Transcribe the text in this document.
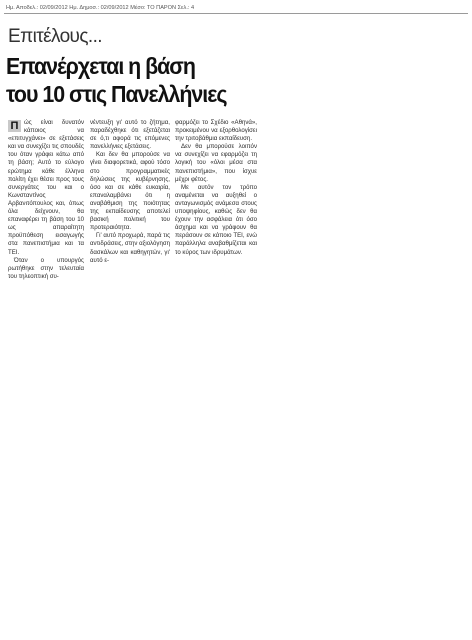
Ημ. Αποδελ.: 02/09/2012 Ημ. Δημοσ.: 02/09/2012 Μέσο: ΤΟ ΠΑΡΟΝ Σελ.: 4
Επιτέλους...
Επανέρχεται η βάση
του 10 στις Πανελλήνιες

Π ώς είναι δυνατόν κάποιος να «επιτυγχάνει» σε εξετάσεις και να συνεχίζει τις σπουδές του όταν γράφει κάτω από τη βάση; Αυτό το εύλογο ερώτημα κάθε έλληνα πολίτη έχει θέσει προς τους συνεργάτες του και ο Κωνσταντίνος Αρβανιτόπουλος και, όπως όλα δείχνουν, θα επαναφέρει τη βάση του 10 ως απαραίτητη προϋπόθεση εισαγωγής στα πανεπιστήμια και τα ΤΕΙ.

Όταν ο υπουργός ρωτήθηκε στην τελευταία του τηλεοπτική συ-

νέντευξη γι' αυτό το ζήτημα, παραδέχθηκε ότι εξετάζεται σε ό,τι αφορά τις επόμενες πανελλήνιες εξετάσεις.

Και δεν θα μπορούσε να γίνει διαφορετικά, αφού τόσο στο προγραμματικές δηλώσεις της κυβέρνησης, όσο και σε κάθε ευκαιρία, επαναλαμβάνει ότι η αναβάθμιση της ποιότητας της εκπαίδευσης αποτελεί βασική πολιτική του προτεραιότητα.

Γι' αυτό προχωρά, παρά τις αντιδράσεις, στην αξιολόγηση δασκάλων και καθηγητών, γι' αυτό ε-

φαρμόζει το Σχέδιο «Αθηνά», προκειμένου να εξορθολογίσει την τριτοβάθμια εκπαίδευση.

Δεν θα μπορούσε λοιπόν να συνεχίζει να εφαρμόζει τη λογική του «όλοι μέσα στα πανεπιστήμια», που ίσχυε μέχρι φέτος.

Με αυτόν τον τρόπο αναμένεται να αυξηθεί ο ανταγωνισμός ανάμεσα στους υποψηφίους, καθώς δεν θα έχουν την ασφάλεια ότι όσο άσχημα και να γράφουν θα περάσουν σε κάποιο ΤΕΙ, ενώ παράλληλα αναβαθμίζεται και το κύρος των ιδρυμάτων.
